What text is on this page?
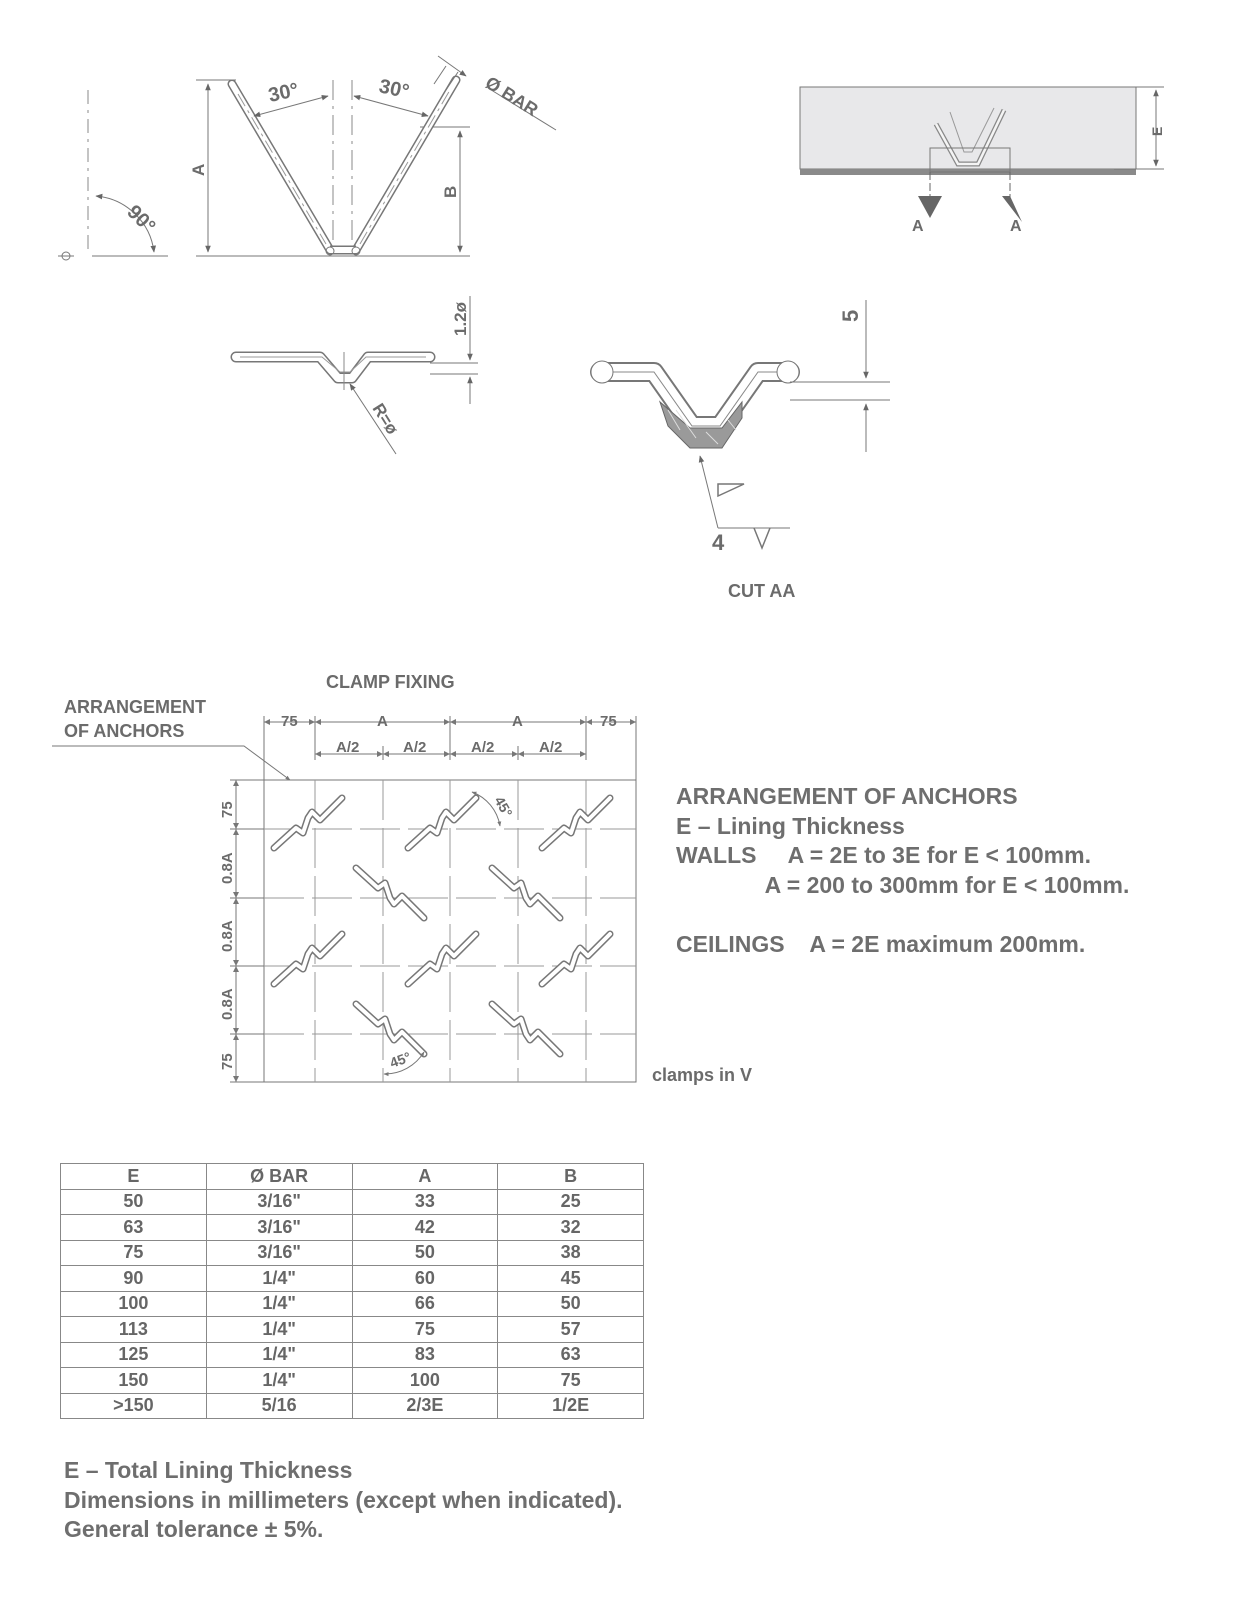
90°
A
B
30°	30°	Ø BAR
E
A	A
1.2ø
R=ø
5
4
CUT AA
CLAMP FIXING
ARRANGEMENT
OF ANCHORS	75	A	A	75
A/2	A/2	A/2	A/2
75
0.8A
0.8A
0.8A
75
45°
45°
clamps in V
ARRANGEMENT OF ANCHORS
E – Lining Thickness
WALLS     A = 2E to 3E for E < 100mm.
A = 200 to 300mm for E < 100mm.
CEILINGS    A = 2E maximum 200mm.
E	Ø BAR	A	B
50	3/16"	33	25
63	3/16"	42	32
75	3/16"	50	38
90	1/4"	60	45
100	1/4"	66	50
113	1/4"	75	57
125	1/4"	83	63
150	1/4"	100	75
>150	5/16	2/3E	1/2E
E – Total Lining Thickness
Dimensions in millimeters (except when indicated).
General tolerance ± 5%.
